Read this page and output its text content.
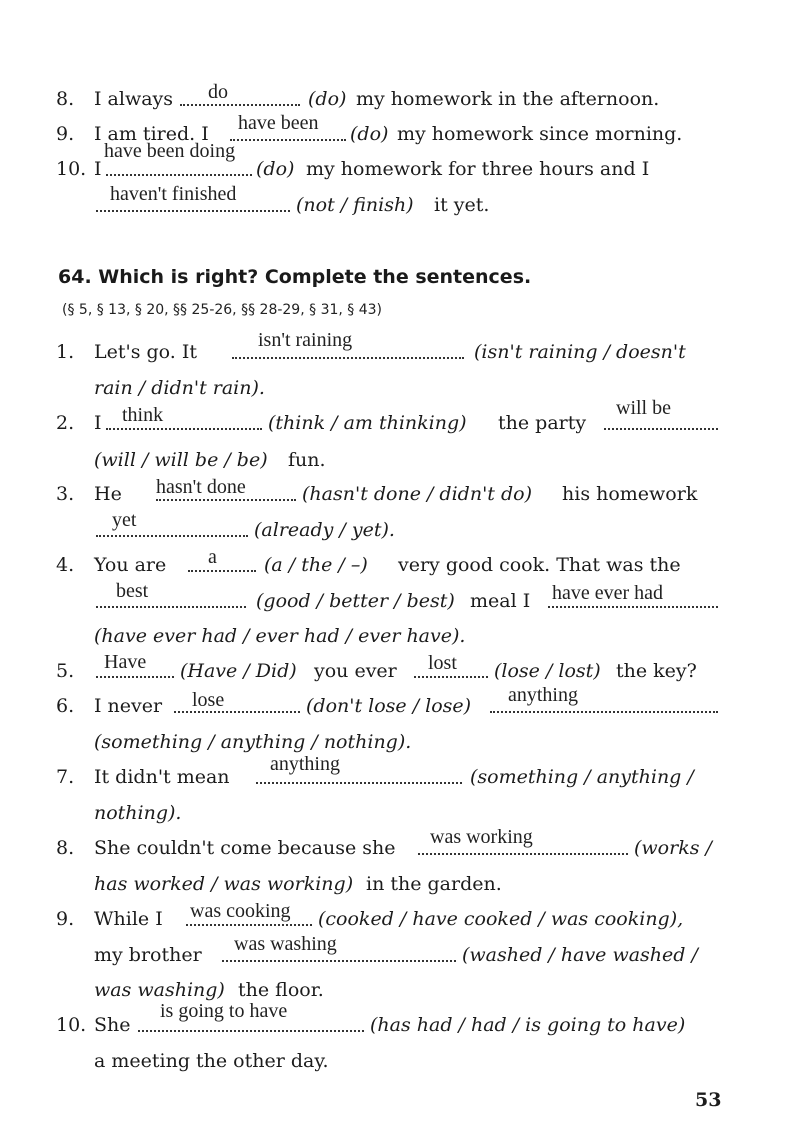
8. I always	(do) my homework in the afternoon.
do
9. I am tired. I	(do) my homework since morning.
have been
10. I	(do) my homework for three hours and I
have been doing
(not / finish) it yet.
haven't finished
64. Which is right? Complete the sentences.
(§ 5, § 13, § 20, §§ 25-26, §§ 28-29, § 31, § 43)
1. Let's go. It	(isn't raining / doesn't
isn't raining
rain / didn't rain).
2. I	(think / am thinking) the party
think	will be
(will / will be / be) fun.
3. He	(hasn't done / didn't do) his homework
hasn't done
(already / yet).
yet
4. You are	(a / the / –) very good cook. That was the
a
(good / better / best) meal I
best	have ever had
(have ever had / ever had / ever have).
5.	(Have / Did) you ever	(lose / lost) the key?
Have	lost
6. I never	(don't lose / lose)
lose	anything
(something / anything / nothing).
7. It didn't mean	(something / anything /
anything
nothing).
8. She couldn't come because she	(works /
was working
has worked / was working) in the garden.
9. While I	(cooked / have cooked / was cooking),
was cooking
my brother	(washed / have washed /
was washing
was washing) the floor.
10. She	(has had / had / is going to have)
is going to have
a meeting the other day.
53
